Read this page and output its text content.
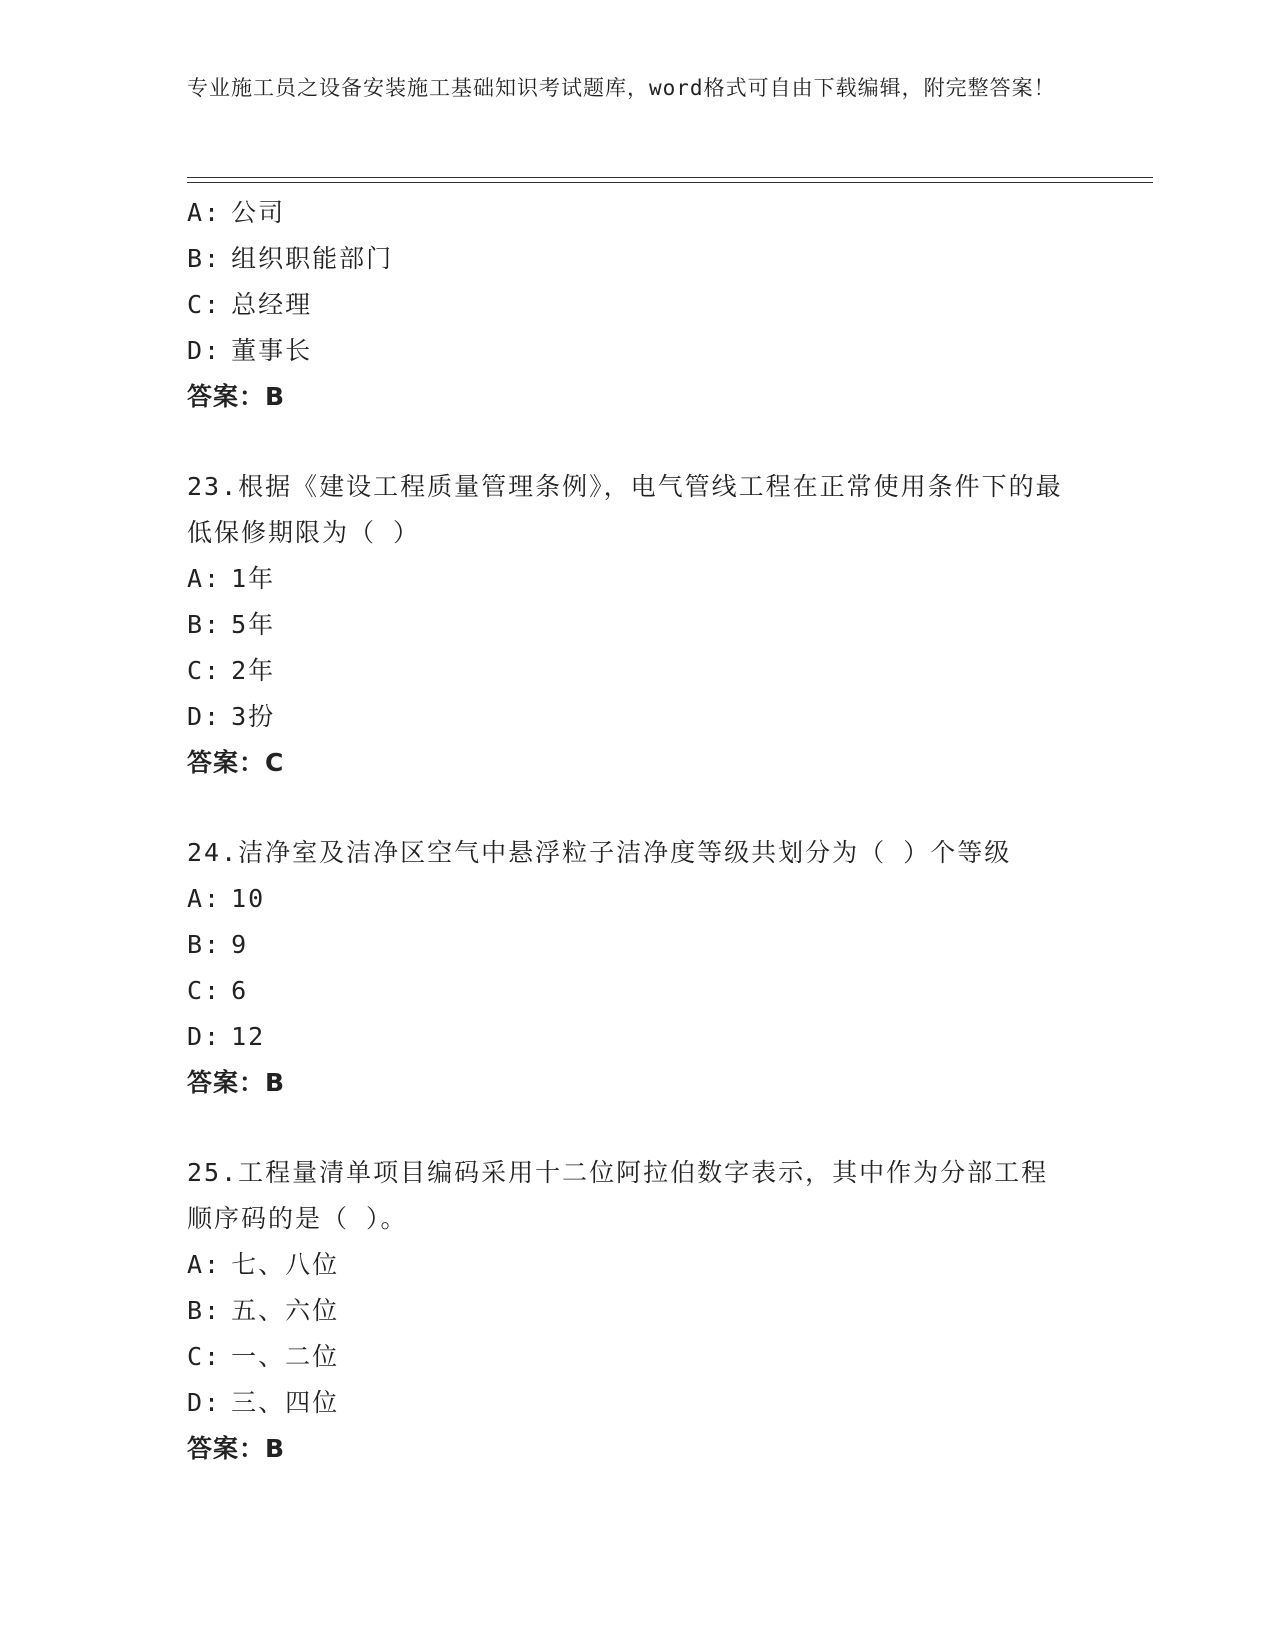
专业施工员之设备安装施工基础知识考试题库，word格式可自由下载编辑，附完整答案！
A: 公司
B: 组织职能部门
C: 总经理
D: 董事长
答案：B
23.根据《建设工程质量管理条例》，电气管线工程在正常使用条件下的最低保修期限为（ ）
A: 1年
B: 5年
C: 2年
D: 3扮
答案：C
24.洁净室及洁净区空气中悬浮粒子洁净度等级共划分为（ ）个等级
A: 10
B: 9
C: 6
D: 12
答案：B
25.工程量清单项目编码采用十二位阿拉伯数字表示，其中作为分部工程顺序码的是（ ）。
A: 七、八位
B: 五、六位
C: 一、二位
D: 三、四位
答案：B
